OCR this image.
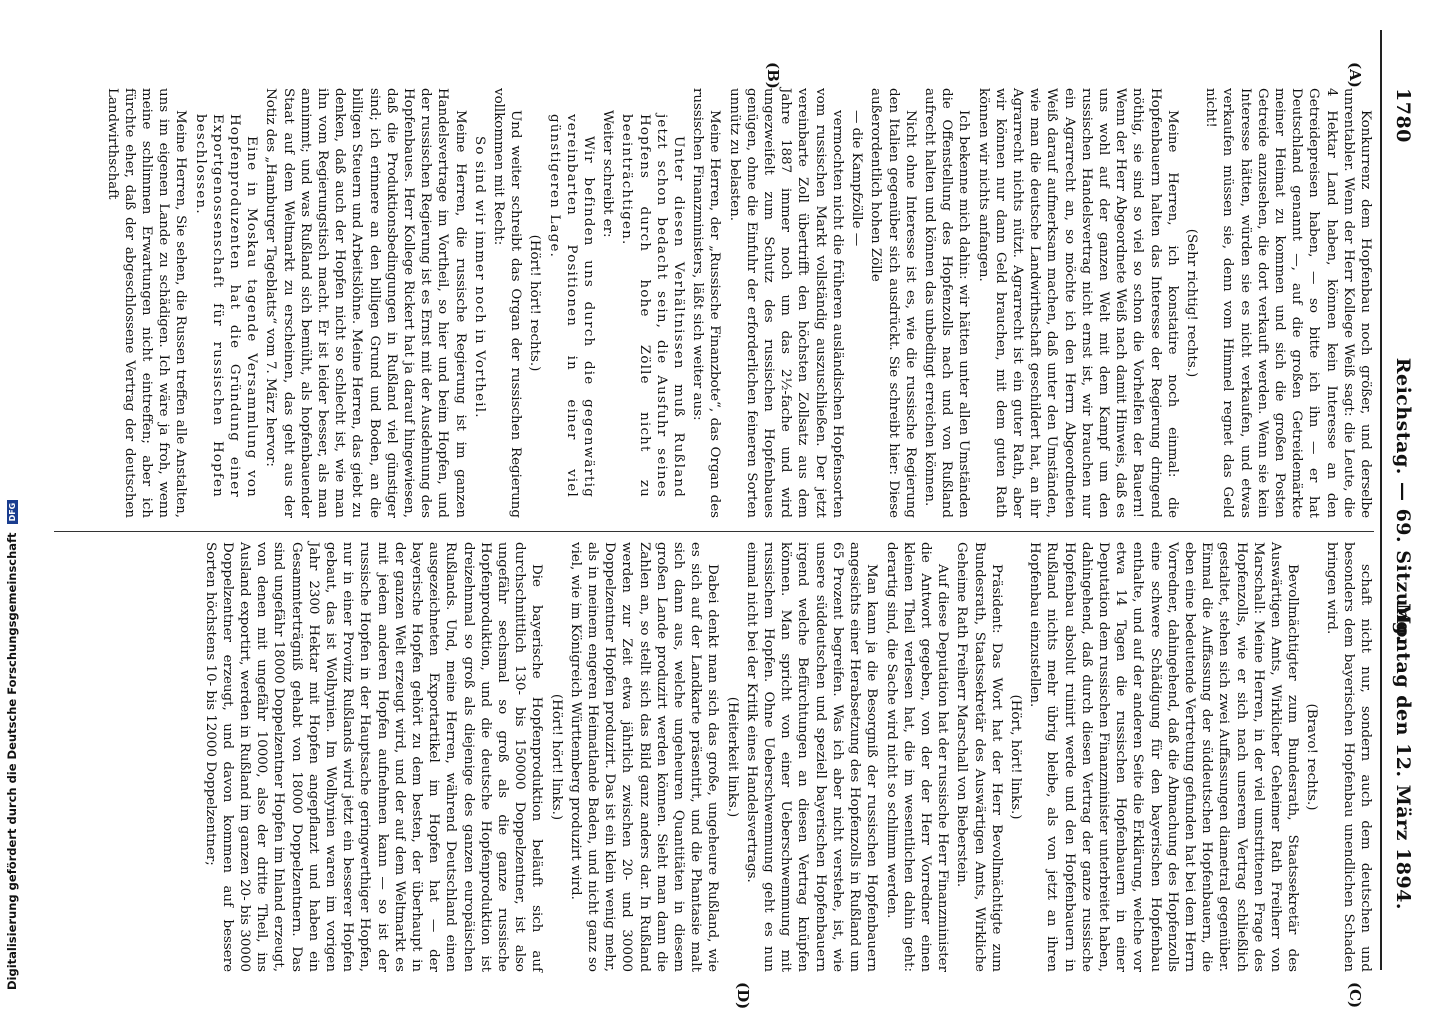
1780
Reichstag. — 69. Sitzung.
Montag den 12. März 1894.
(A)
(B)
(C)
(D)

Konkurrenz dem Hopfenbau noch größer, und derselbe unrentabler. Wenn der Herr Kollege Weiß sagt: die Leute, die 4 Hektar Land haben, können kein Interesse an den Getreidepreisen haben, — so bitte ich ihn — er hat Deutschland genannt —, auf die großen Getreidemärkte meiner Heimat zu kommen und sich die großen Posten Getreide anzusehen, die dort verkauft werden. Wenn sie kein Interesse hätten, würden sie es nicht verkaufen, und etwas verkaufen müssen sie, denn vom Himmel regnet das Geld nicht!

(Sehr richtig! rechts.)

Meine Herren, ich konstatire noch einmal: die Hopfenbauern halten das Interesse der Regierung dringend nöthig, sie sind so viel so schon die Vorhelfen der Bauern! Wenn der Herr Abgeordnete Weiß nach damit Hinweis, daß es uns wohl auf der ganzen Welt mit dem Kampf um den russischen Handelsvertrag nicht ernst ist, wir brauchen nur ein Agrarrecht an, so möchte ich den Herrn Abgeordneten Weiß darauf aufmerksam machen, daß unter den Umständen, wie man die deutsche Landwirthschaft geschildert hat, an ihr Agrarrecht nichts nützt. Agrarrecht ist ein guter Rath, aber wir können nur dann Geld brauchen, mit dem guten Rath können wir nichts anfangen.

Ich bekenne mich dahin: wir hätten unter allen Umständen die Offenstellung des Hopfenzolls nach und von Rußland aufrecht halten und können das unbedingt erreichen können.

Nicht ohne Interesse ist es, wie die russische Regierung den Italien gegenüber sich ausdrückt. Sie schreibt hier: Diese außerordentlich hohen Zölle

— die Kampfzölle —

vermochten nicht die früheren ausländischen Hopfensorten vom russischen Markt vollständig auszuschließen. Der jetzt vereinbarte Zoll übertrifft den höchsten Zollsatz aus dem Jahre 1887 immer noch um das 2½-fache und wird ungezweifelt zum Schutz des russischen Hopfenbaues genügen, ohne die Einfuhr der erforderlichen feineren Sorten unnütz zu belasten.

Meine Herren, der „Russische Finanzbote“, das Organ des russischen Finanzministers, läßt sich weiter aus:

Unter diesen Verhältnissen muß Rußland jetzt schon bedacht sein, die Ausfuhr seines Hopfens durch hohe Zölle nicht zu beeinträchtigen.

Weiter schreibt er:

Wir befinden uns durch die gegenwärtig vereinbarten Positionen in einer viel günstigeren Lage.

(Hört! hört! rechts.)

Und weiter schreibt das Organ der russischen Regierung vollkommen mit Recht:

So sind wir immer noch in Vortheil.

Meine Herren, die russische Regierung ist im ganzen Handelsvertrage im Vortheil, so hier und beim Hopfen, und der russischen Regierung ist es Ernst mit der Ausdehnung des Hopfenbaues. Herr Kollege Rickert hat ja darauf hingewiesen, daß die Produktionsbedingungen in Rußland viel günstiger sind; ich erinnere an den billigen Grund und Boden, an die billigen Steuern und Arbeitslöhne. Meine Herren, das giebt zu denken, daß auch der Hopfen nicht so schlecht ist, wie man ihn vom Regierungstisch macht. Er ist leider besser, als man annimmt; und was Rußland sich bemüht, als hopfenbauender Staat auf dem Weltmarkt zu erscheinen, das geht aus der Notiz des „Hamburger Tageblatts“ vom 7. März hervor:

Eine in Moskau tagende Versammlung von Hopfenproduzenten hat die Gründung einer Exportgenossenschaft für russischen Hopfen beschlossen.

Meine Herren, Sie sehen, die Russen treffen alle Anstalten, uns im eigenen Lande zu schädigen. Ich wäre ja froh, wenn meine schlimmen Erwartungen nicht eintreffen; aber ich fürchte eher, daß der abgeschlossene Vertrag der deutschen Landwirthschaft

schaft nicht nur, sondern auch dem deutschen und besonders dem bayerischen Hopfenbau unendlichen Schaden bringen wird.

(Bravo! rechts.)

Bevollmächtigter zum Bundesrath, Staatssekretär des Auswärtigen Amts, Wirklicher Geheimer Rath Freiherr von Marschall: Meine Herren, in der viel umstrittenen Frage des Hopfenzolls, wie er sich nach unserem Vertrag schließlich gestaltet, stehen sich zwei Auffassungen diametral gegenüber. Einmal die Auffassung der süddeutschen Hopfenbauern, die eben eine bedeutende Vertretung gefunden hat bei dem Herrn Vorredner, dahingehend, daß die Abmachung des Hopfenzolls eine schwere Schädigung für den bayerischen Hopfenbau enthalte, und auf der anderen Seite die Erklärung, welche vor etwa 14 Tagen die russischen Hopfenbauern in einer Deputation dem russischen Finanzminister unterbreitet haben, dahingehend, daß durch diesen Vertrag der ganze russische Hopfenbau absolut ruinirt werde und den Hopfenbauern in Rußland nichts mehr übrig bleibe, als von jetzt an ihren Hopfenbau einzustellen.

(Hört, hört! links.)

Präsident: Das Wort hat der Herr Bevollmächtigte zum Bundesrath, Staatssekretär des Auswärtigen Amts, Wirkliche Geheime Rath Freiherr Marschall von Bieberstein.

Auf diese Deputation hat der russische Herr Finanzminister die Antwort gegeben, von der der Herr Vorredner einen kleinen Theil verlesen hat, die im wesentlichen dahin geht: derartig sind, die Sache wird nicht so schlimm werden.

Man kann ja die Besorgniß der russischen Hopfenbauern angesichts einer Herabsetzung des Hopfenzolls in Rußland um 65 Prozent begreifen. Was ich aber nicht verstehe, ist, wie unsere süddeutschen und speziell bayerischen Hopfenbauern irgend welche Befürchtungen an diesen Vertrag knüpfen können. Man spricht von einer Ueberschwemmung mit russischem Hopfen. Ohne Ueberschwemmung geht es nun einmal nicht bei der Kritik eines Handelsvertrags.

(Heiterkeit links.)

Dabei denkt man sich das große, ungeheure Rußland, wie es sich auf der Landkarte präsentirt, und die Phantasie malt sich dann aus, welche ungeheuren Quantitäten in diesem großen Lande produzirt werden können. Sieht man dann die Zahlen an, so stellt sich das Bild ganz anders dar. In Rußland werden zur Zeit etwa jährlich zwischen 20- und 30000 Doppelzentner Hopfen produzirt. Das ist ein klein wenig mehr, als in meinem engeren Heimatlande Baden, und nicht ganz so viel, wie im Königreich Württemberg produzirt wird.

(Hört! hört! links.)

Die bayerische Hopfenproduktion beläuft sich auf durchschnittlich 130- bis 150000 Doppelzentner, ist also ungefähr sechsmal so groß als die ganze russische Hopfenproduktion, und die deutsche Hopfenproduktion ist dreizehnmal so groß als diejenige des ganzen europäischen Rußlands. Und, meine Herren, während Deutschland einen ausgezeichneten Exportartikel im Hopfen hat — der bayerische Hopfen gehört zu dem besten, der überhaupt in der ganzen Welt erzeugt wird, und der auf dem Weltmarkt es mit jedem anderen Hopfen aufnehmen kann — so ist der russische Hopfen in der Hauptsache geringwerthiger Hopfen, nur in einer Provinz Rußlands wird jetzt ein besserer Hopfen gebaut, das ist Wolhynien. Im Wolhynien waren im vorigen Jahr 2300 Hektar mit Hopfen angepflanzt und haben ein Gesammterträgniß gehabt von 18000 Doppelzentnern. Das sind ungefähr 18000 Doppelzentner Hopfen im Inland erzeugt, von denen mit ungefähr 10000, also der dritte Theil, ins Ausland exportirt, werden in Rußland im ganzen 20- bis 30000 Doppelzentner erzeugt, und davon kommen auf bessere Sorten höchstens 10- bis 12000 Doppelzentner;

Digitalisierung gefördert durch die Deutsche Forschungsgemeinschaft DFG
